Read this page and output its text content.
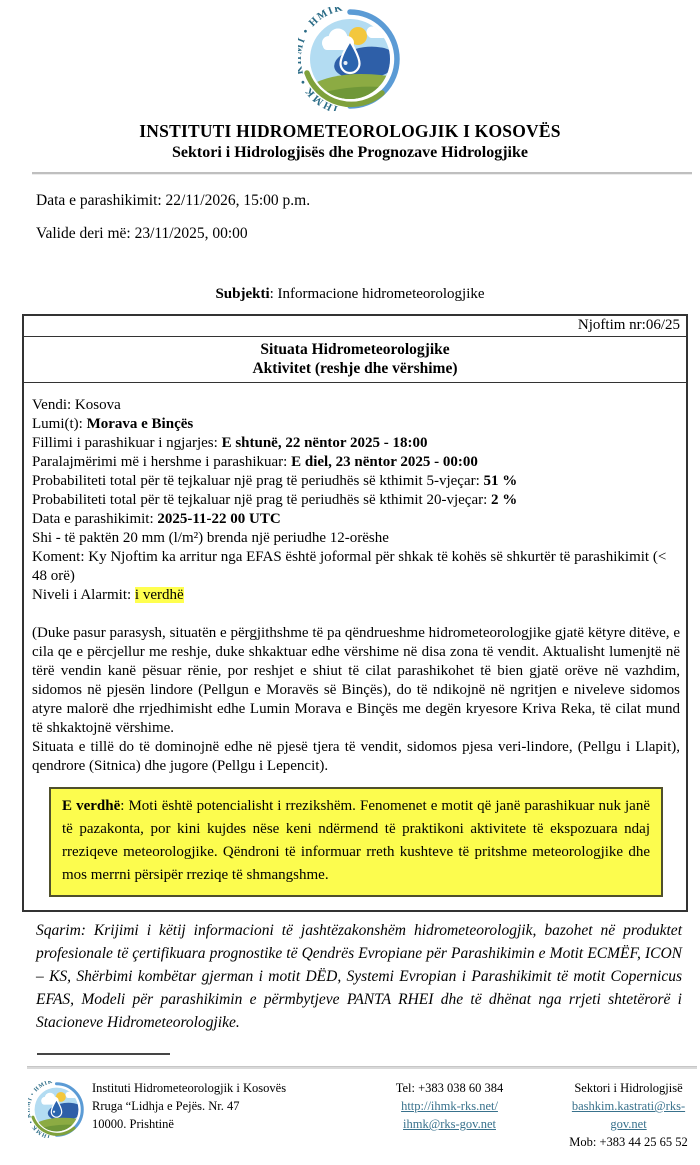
INSTITUTI HIDROMETEOROLOGJIK I KOSOVËS
Sektori i Hidrologjisës dhe Prognozave Hidrologjike
Data e parashikimit: 22/11/2026, 15:00 p.m.
Valide deri më: 23/11/2025, 00:00
Subjekti: Informacione hidrometeorologjike
Njoftim nr:06/25
Situata Hidrometeorologjike
Aktivitet (reshje dhe vërshime)
Vendi: Kosova
Lumi(t): Morava e Binçës
Fillimi i parashikuar i ngjarjes: E shtunë, 22 nëntor 2025 - 18:00
Paralajmërimi më i hershme i parashikuar: E diel, 23 nëntor 2025 - 00:00
Probabiliteti total për të tejkaluar një prag të periudhës së kthimit 5-vjeçar: 51 %
Probabiliteti total për të tejkaluar një prag të periudhës së kthimit 20-vjeçar: 2 %
Data e parashikimit: 2025-11-22 00 UTC
Shi - të paktën 20 mm (l/m²) brenda një periudhe 12-orëshe
Koment: Ky Njoftim ka arritur nga EFAS është joformal për shkak të kohës së shkurtër të parashikimit (< 48 orë)
Niveli i Alarmit: i verdhë
(Duke pasur parasysh, situatën e përgjithshme të pa qëndrueshme hidrometeorologjike gjatë këtyre ditëve, e cila qe e përcjellur me reshje, duke shkaktuar edhe vërshime në disa zona të vendit. Aktualisht lumenjtë në tërë vendin kanë pësuar rënie, por reshjet e shiut të cilat parashikohet të bien gjatë orëve në vazhdim, sidomos në pjesën lindore (Pellgun e Moravës së Binçës), do të ndikojnë në ngritjen e niveleve sidomos atyre malorë dhe rrjedhimisht edhe Lumin Morava e Binçës me degën kryesore Kriva Reka, të cilat mund të shkaktojnë vërshime.
Situata e tillë do të dominojnë edhe në pjesë tjera të vendit, sidomos pjesa veri-lindore, (Pellgu i Llapit), qendrore (Sitnica) dhe jugore (Pellgu i Lepencit).
E verdhë: Moti është potencialisht i rrezikshëm. Fenomenet e motit që janë parashikuar nuk janë të pazakonta, por kini kujdes nëse keni ndërmend të praktikoni aktivitete të ekspozuara ndaj rreziqeve meteorologjike. Qëndroni të informuar rreth kushteve të pritshme meteorologjike dhe mos merrni përsipër rreziqe të shmangshme.
Sqarim: Krijimi i këtij informacioni të jashtëzakonshëm hidrometeorologjik, bazohet në produktet profesionale të çertifikuara prognostike të Qendrës Evropiane për Parashikimin e Motit ECMËF, ICON – KS, Shërbimi kombëtar gjerman i motit DËD, Systemi Evropian i Parashikimit të motit Copernicus EFAS, Modeli për parashikimin e përmbytjeve PANTA RHEI dhe të dhënat nga rrjeti shtetërorë i Stacioneve Hidrometeorologjike.
Instituti Hidrometeorologjik i Kosovës
Rruga “Lidhja e Pejës. Nr. 47
10000. Prishtinë
Tel: +383 038 60 384
http://ihmk-rks.net/
ihmk@rks-gov.net
Sektori i Hidrologjisë
bashkim.kastrati@rks-gov.net
Mob: +383 44 25 65 52
